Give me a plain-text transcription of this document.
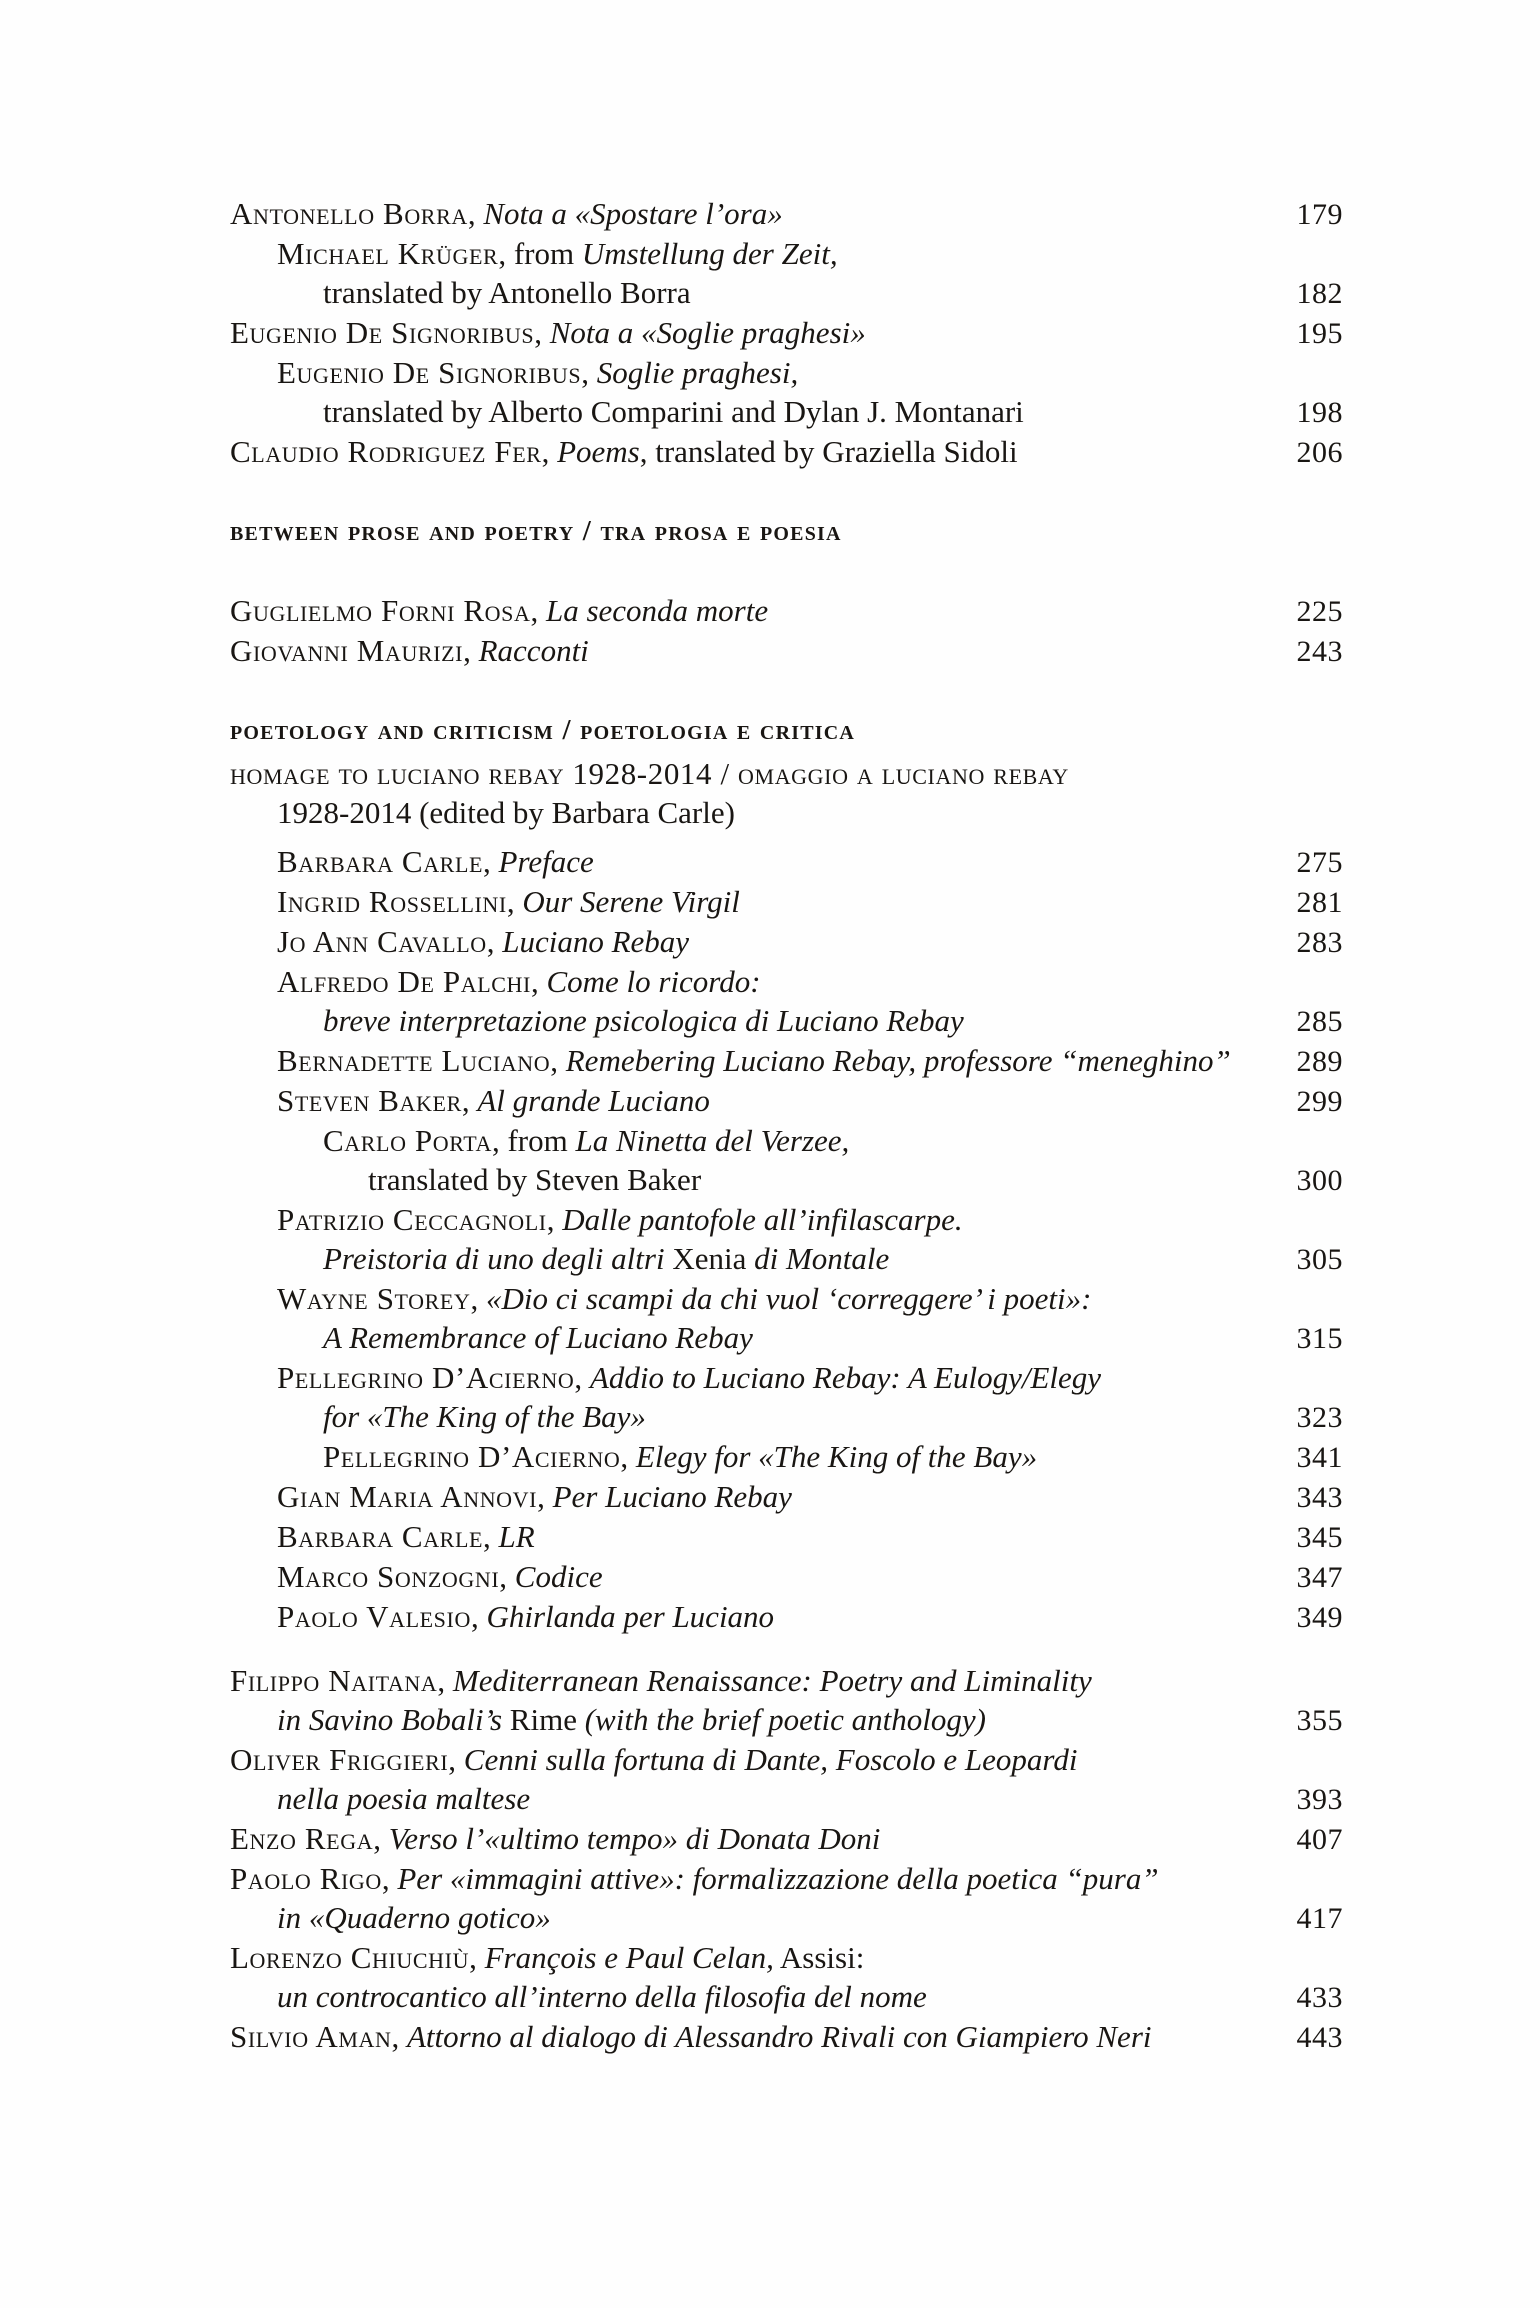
Antonello Borra, Nota a «Spostare l’ora»	179
Michael Krüger, from Umstellung der Zeit,
translated by Antonello Borra	182
Eugenio De Signoribus, Nota a «Soglie praghesi»	195
Eugenio De Signoribus, Soglie praghesi,
translated by Alberto Comparini and Dylan J. Montanari	198
Claudio Rodriguez Fer, Poems, translated by Graziella Sidoli	206
between prose and poetry / tra prosa e poesia
Guglielmo Forni Rosa, La seconda morte	225
Giovanni Maurizi, Racconti	243
poetology and criticism / poetologia e critica
homage to luciano rebay 1928-2014 / omaggio a luciano rebay
1928-2014 (edited by Barbara Carle)
Barbara Carle, Preface	275
Ingrid Rossellini, Our Serene Virgil	281
Jo Ann Cavallo, Luciano Rebay	283
Alfredo De Palchi, Come lo ricordo:
breve interpretazione psicologica di Luciano Rebay	285
Bernadette Luciano, Remebering Luciano Rebay, professore “meneghino”	289
Steven Baker, Al grande Luciano	299
Carlo Porta, from La Ninetta del Verzee,
translated by Steven Baker	300
Patrizio Ceccagnoli, Dalle pantofole all’infilascarpe.
Preistoria di uno degli altri Xenia di Montale	305
Wayne Storey, «Dio ci scampi da chi vuol ‘correggere’ i poeti»:
A Remembrance of Luciano Rebay	315
Pellegrino D’Acierno, Addio to Luciano Rebay: A Eulogy/Elegy
for «The King of the Bay»	323
Pellegrino D’Acierno, Elegy for «The King of the Bay»	341
Gian Maria Annovi, Per Luciano Rebay	343
Barbara Carle, LR	345
Marco Sonzogni, Codice	347
Paolo Valesio, Ghirlanda per Luciano	349
Filippo Naitana, Mediterranean Renaissance: Poetry and Liminality
in Savino Bobali’s Rime (with the brief poetic anthology)	355
Oliver Friggieri, Cenni sulla fortuna di Dante, Foscolo e Leopardi
nella poesia maltese	393
Enzo Rega, Verso l’«ultimo tempo» di Donata Doni	407
Paolo Rigo, Per «immagini attive»: formalizzazione della poetica “pura”
in «Quaderno gotico»	417
Lorenzo Chiuchiù, François e Paul Celan, Assisi:
un controcantico all’interno della filosofia del nome	433
Silvio Aman, Attorno al dialogo di Alessandro Rivali con Giampiero Neri	443
